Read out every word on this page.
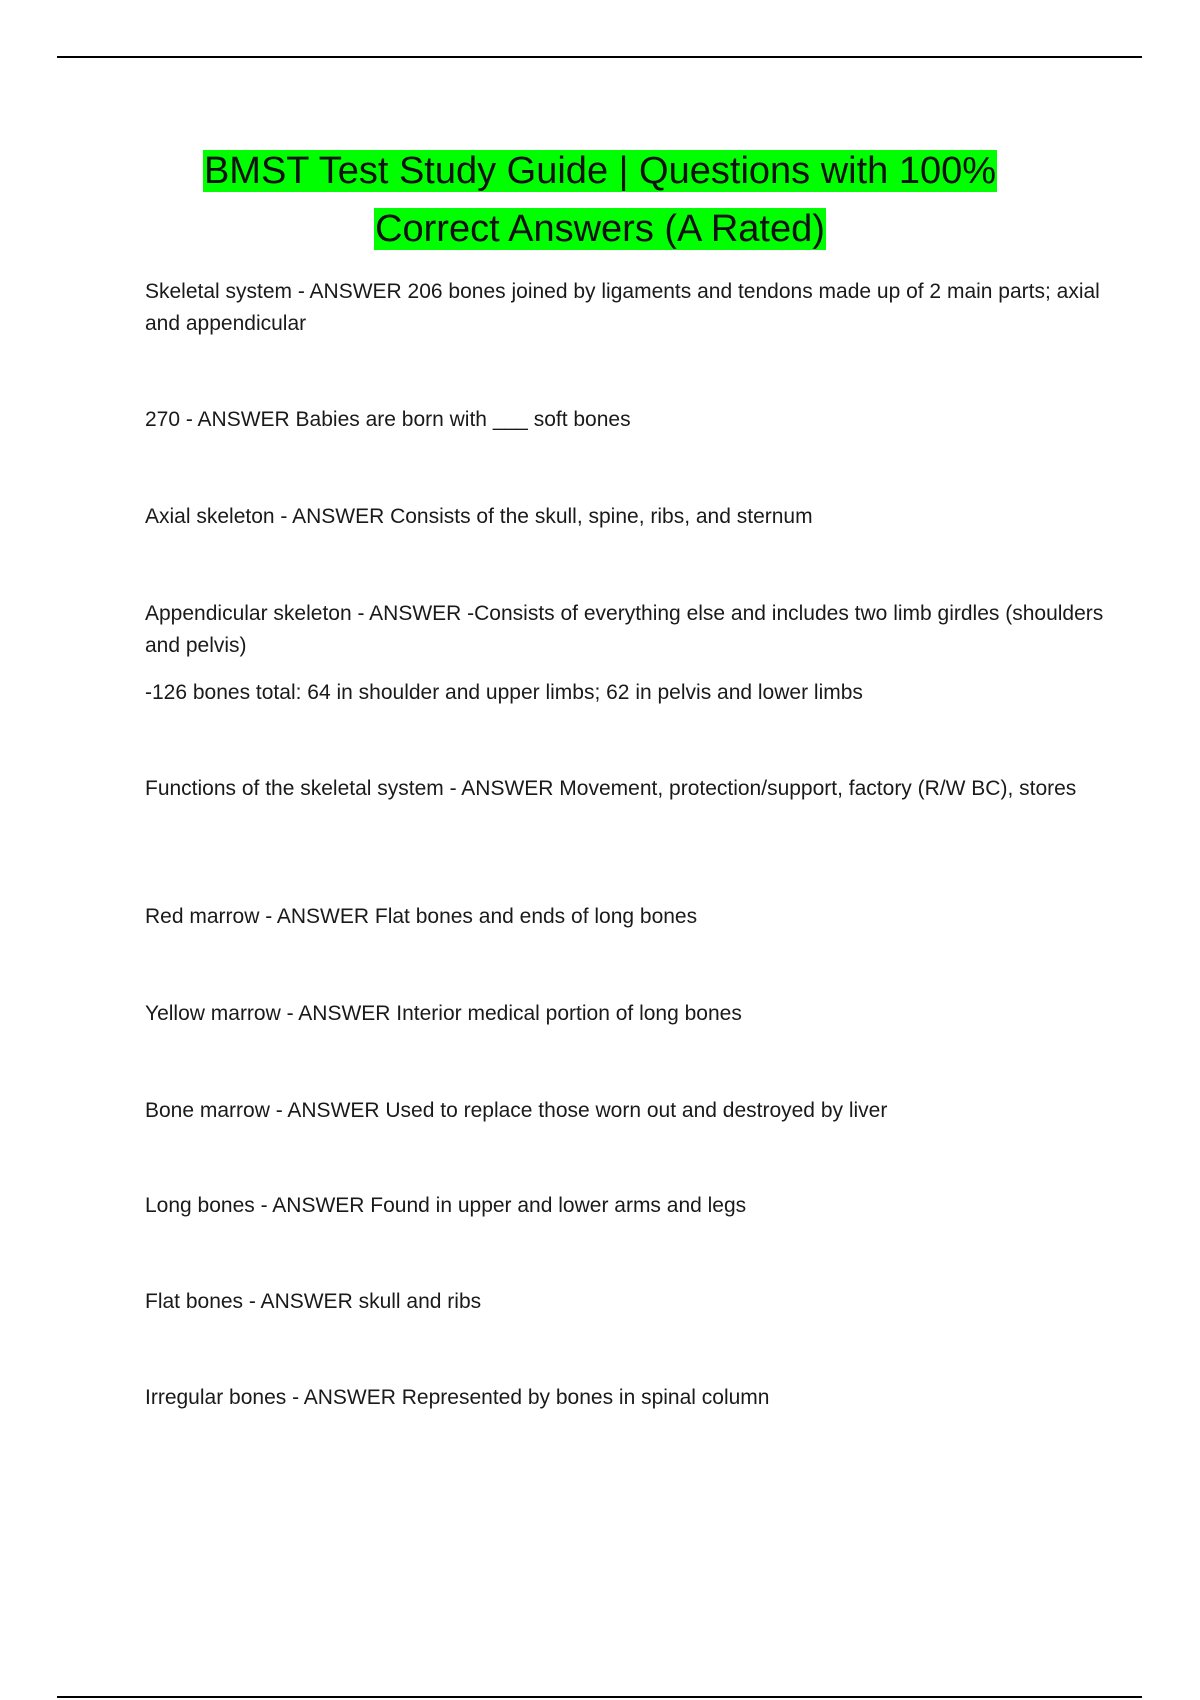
BMST Test Study Guide | Questions with 100%
Correct Answers (A Rated)

Skeletal system - ANSWER 206 bones joined by ligaments and tendons made up of 2 main parts; axial and appendicular

270 - ANSWER Babies are born with ___ soft bones

Axial skeleton - ANSWER Consists of the skull, spine, ribs, and sternum

Appendicular skeleton - ANSWER -Consists of everything else and includes two limb girdles (shoulders and pelvis)

-126 bones total: 64 in shoulder and upper limbs; 62 in pelvis and lower limbs

Functions of the skeletal system - ANSWER Movement, protection/support, factory (R/W BC), stores

Red marrow - ANSWER Flat bones and ends of long bones

Yellow marrow - ANSWER Interior medical portion of long bones

Bone marrow - ANSWER Used to replace those worn out and destroyed by liver

Long bones - ANSWER Found in upper and lower arms and legs

Flat bones - ANSWER skull and ribs

Irregular bones - ANSWER Represented by bones in spinal column
